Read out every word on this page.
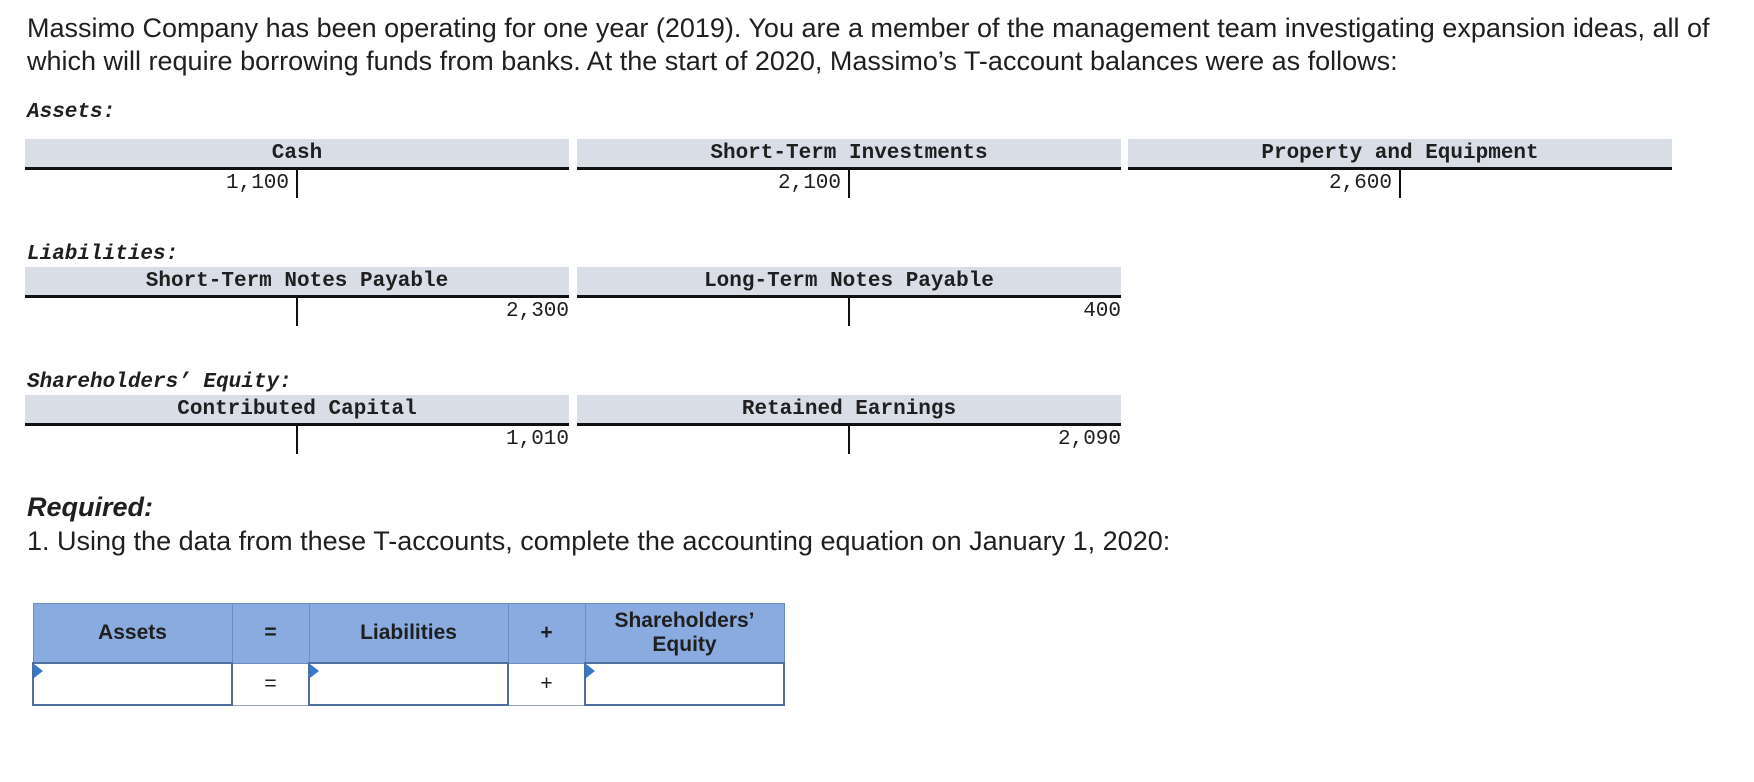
Massimo Company has been operating for one year (2019). You are a member of the management team investigating expansion ideas, all of which will require borrowing funds from banks. At the start of 2020, Massimo’s T-account balances were as follows:

Assets:
Cash
1,100
Short-Term Investments
2,100
Property and Equipment
2,600
Liabilities:
Short-Term Notes Payable
2,300
Long-Term Notes Payable
400
Shareholders’ Equity:
Contributed Capital
1,010
Retained Earnings
2,090

Required:

1. Using the data from these T-accounts, complete the accounting equation on January 1, 2020:

Assets	=	Liabilities	+	Shareholders’ Equity

	=		+	
